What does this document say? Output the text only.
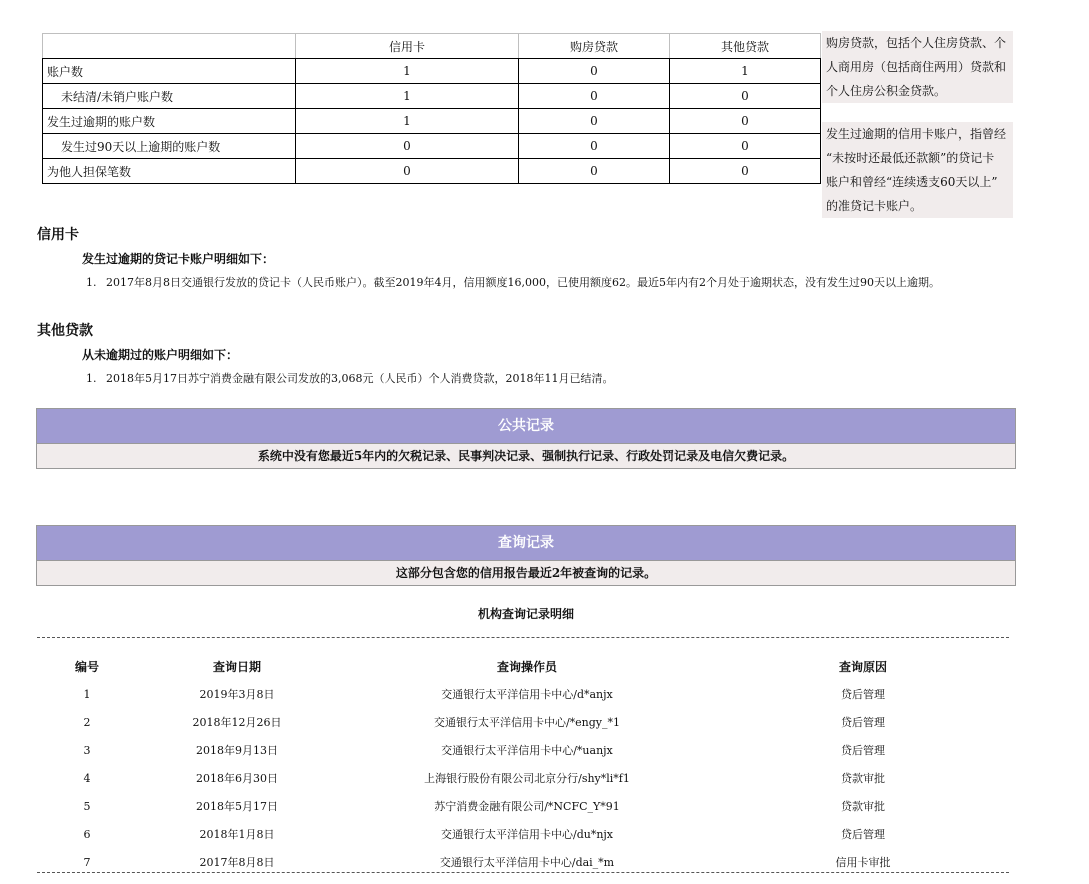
	信用卡	购房贷款	其他贷款
账户数	1	0	1
未结清/未销户账户数	1	0	0
发生过逾期的账户数	1	0	0
发生过90天以上逾期的账户数	0	0	0
为他人担保笔数	0	0	0
购房贷款，包括个人住房贷款、个
人商用房（包括商住两用）贷款和
个人住房公积金贷款。
发生过逾期的信用卡账户，指曾经
“未按时还最低还款额”的贷记卡
账户和曾经“连续透支60天以上”
的准贷记卡账户。
信用卡
发生过逾期的贷记卡账户明细如下：
1. 2017年8月8日交通银行发放的贷记卡（人民币账户）。截至2019年4月，信用额度16,000，已使用额度62。最近5年内有2个月处于逾期状态，没有发生过90天以上逾期。
其他贷款
从未逾期过的账户明细如下：
1. 2018年5月17日苏宁消费金融有限公司发放的3,068元（人民币）个人消费贷款，2018年11月已结清。
公共记录
系统中没有您最近5年内的欠税记录、民事判决记录、强制执行记录、行政处罚记录及电信欠费记录。
查询记录
这部分包含您的信用报告最近2年被查询的记录。
机构查询记录明细
编号	查询日期	查询操作员	查询原因
1	2019年3月8日	交通银行太平洋信用卡中心/d*anjx	贷后管理
2	2018年12月26日	交通银行太平洋信用卡中心/*engy_*1	贷后管理
3	2018年9月13日	交通银行太平洋信用卡中心/*uanjx	贷后管理
4	2018年6月30日	上海银行股份有限公司北京分行/shy*li*f1	贷款审批
5	2018年5月17日	苏宁消费金融有限公司/*NCFC_Y*91	贷款审批
6	2018年1月8日	交通银行太平洋信用卡中心/du*njx	贷后管理
7	2017年8月8日	交通银行太平洋信用卡中心/dai_*m	信用卡审批
